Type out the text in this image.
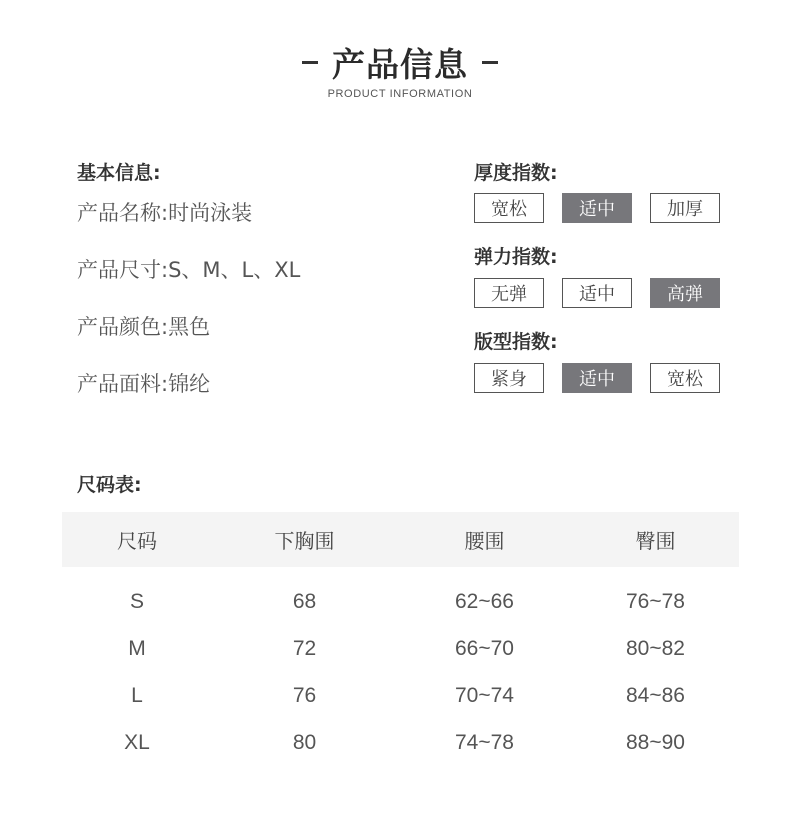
产品信息
PRODUCT INFORMATION
基本信息:
产品名称:时尚泳装
产品尺寸:S、M、L、XL
产品颜色:黑色
产品面料:锦纶
厚度指数:
宽松	适中	加厚
弹力指数:
无弹	适中	高弹
版型指数:
紧身	适中	宽松
尺码表:
尺码	下胸围	腰围	臀围
S	68	62~66	76~78
M	72	66~70	80~82
L	76	70~74	84~86
XL	80	74~78	88~90
